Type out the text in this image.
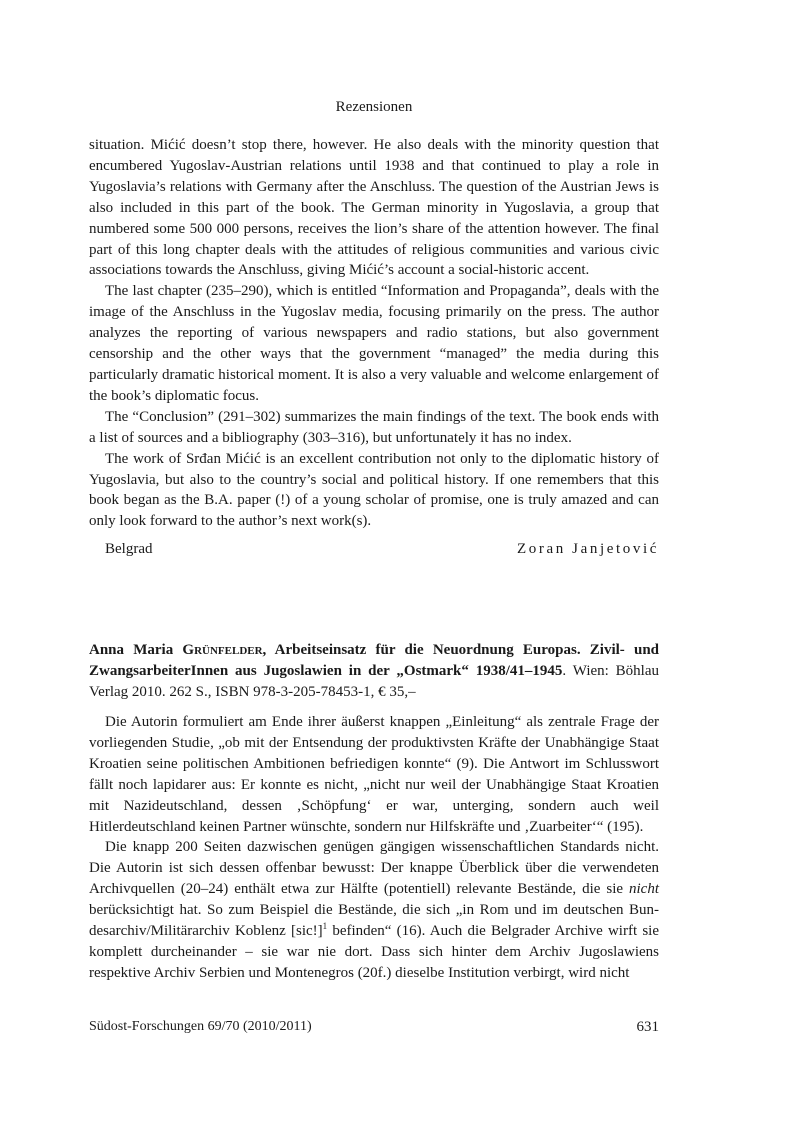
Rezensionen

situation. Mićić doesn’t stop there, however. He also deals with the minority question that encumbered Yugoslav-Austrian relations until 1938 and that continued to play a role in Yugoslavia’s relations with Germany after the Anschluss. The question of the Austrian Jews is also included in this part of the book. The German minority in Yugoslavia, a group that numbered some 500 000 persons, receives the lion’s share of the attention however. The final part of this long chapter deals with the attitudes of religious communities and various civic associations towards the Anschluss, giving Mićić’s account a social-historic accent.

The last chapter (235–290), which is entitled “Information and Propaganda”, deals with the image of the Anschluss in the Yugoslav media, focusing primarily on the press. The author analyzes the reporting of various newspapers and radio stations, but also government censorship and the other ways that the government “managed” the media during this particularly dramatic historical moment. It is also a very valuable and welcome enlargement of the book’s diplomatic focus.

The “Conclusion” (291–302) summarizes the main findings of the text. The book ends with a list of sources and a bibliography (303–316), but unfortunately it has no index.

The work of Srđan Mićić is an excellent contribution not only to the diplomatic history of Yugoslavia, but also to the country’s social and political history. If one remembers that this book began as the B.A. paper (!) of a young scholar of promise, one is truly amazed and can only look forward to the author’s next work(s).

Belgrad	Zoran Janjetović
Anna Maria Grünfelder, Arbeitseinsatz für die Neuordnung Europas. Zivil- und ZwangsarbeiterInnen aus Jugoslawien in der „Ostmark“ 1938/41–1945. Wien: Böhlau Verlag 2010. 262 S., ISBN 978-3-205-78453-1, € 35,–

Die Autorin formuliert am Ende ihrer äußerst knappen „Einleitung“ als zentrale Frage der vorliegenden Studie, „ob mit der Entsendung der produktivsten Kräfte der Unabhängige Staat Kroatien seine politischen Ambitionen befriedigen konnte“ (9). Die Antwort im Schlusswort fällt noch lapidarer aus: Er konnte es nicht, „nicht nur weil der Unabhängige Staat Kroatien mit Nazideutschland, dessen ‚Schöpfung‘ er war, unterging, sondern auch weil Hitlerdeutschland keinen Partner wünschte, sondern nur Hilfskräfte und ‚Zuarbeiter‘“ (195).

Die knapp 200 Seiten dazwischen genügen gängigen wissenschaftlichen Standards nicht. Die Autorin ist sich dessen offenbar bewusst: Der knappe Überblick über die verwendeten Archivquellen (20–24) enthält etwa zur Hälfte (potentiell) relevante Bestände, die sie nicht berücksichtigt hat. So zum Beispiel die Bestände, die sich „in Rom und im deutschen Bundesarchiv/Militärarchiv Koblenz $[sic!]^1$ befinden“ (16). Auch die Belgrader Archive wirft sie komplett durcheinander – sie war nie dort. Dass sich hinter dem Archiv Jugoslawiens respektive Archiv Serbien und Montenegros (20f.) dieselbe Institution verbirgt, wird nicht

Südost-Forschungen 69/70 (2010/2011)	631
